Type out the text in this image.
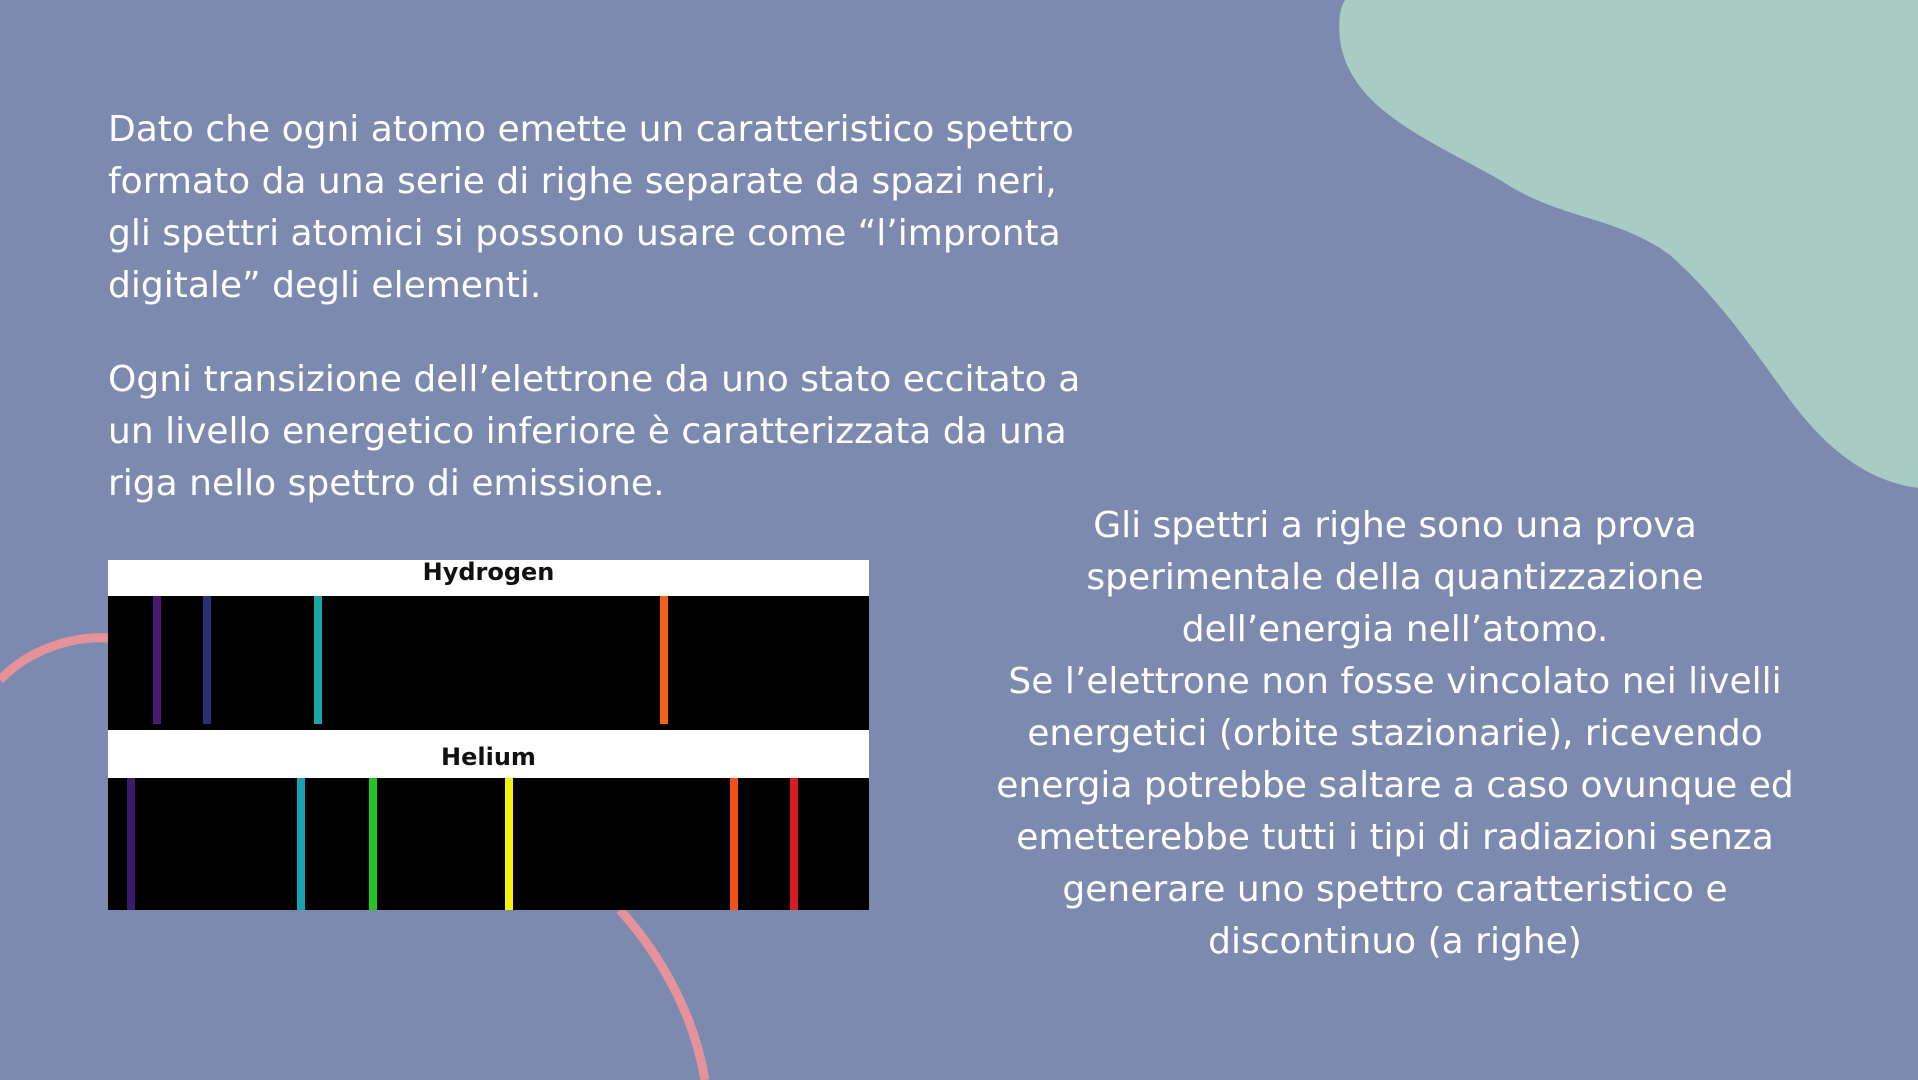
Dato che ogni atomo emette un caratteristico spettro
formato da una serie di righe separate da spazi neri,
gli spettri atomici si possono usare come “l’impronta
digitale” degli elementi.
Ogni transizione dell’elettrone da uno stato eccitato a
un livello energetico inferiore è caratterizzata da una
riga nello spettro di emissione.
Gli spettri a righe sono una prova
sperimentale della quantizzazione
dell’energia nell’atomo.
Se l’elettrone non fosse vincolato nei livelli
energetici (orbite stazionarie), ricevendo
energia potrebbe saltare a caso ovunque ed
emetterebbe tutti i tipi di radiazioni senza
generare uno spettro caratteristico e
discontinuo (a righe)
Hydrogen
Helium
